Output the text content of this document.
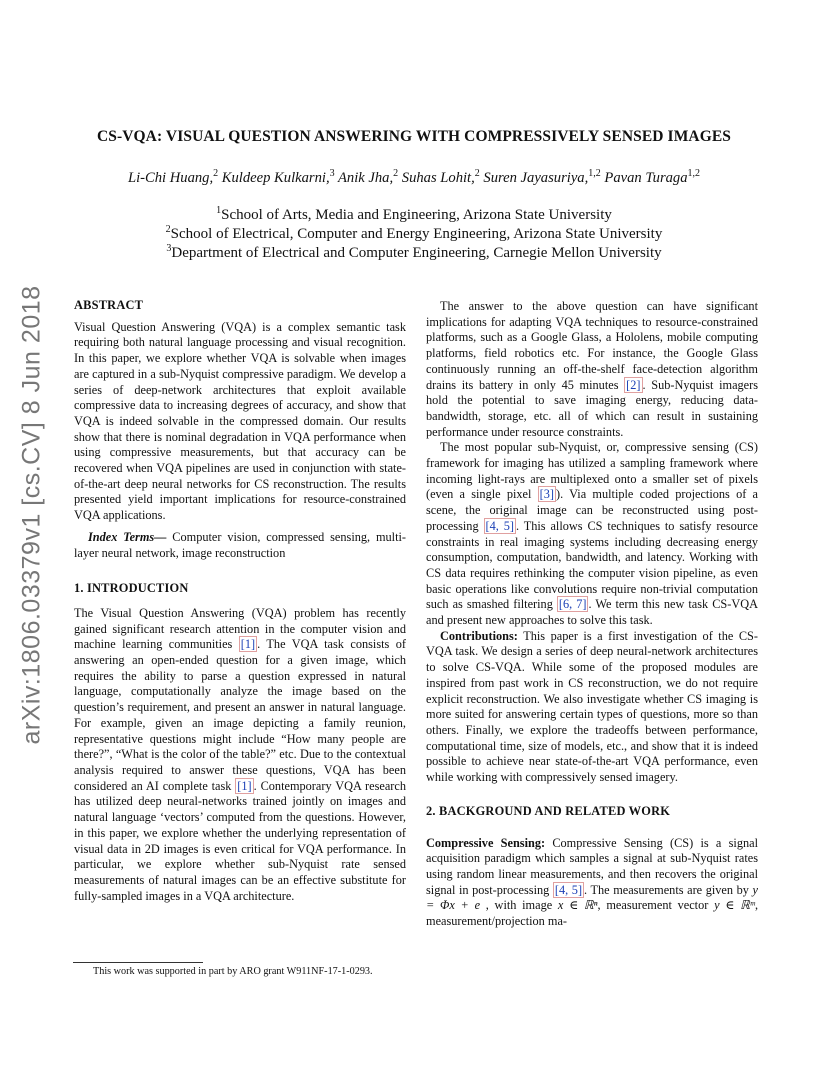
CS-VQA: VISUAL QUESTION ANSWERING WITH COMPRESSIVELY SENSED IMAGES
Li-Chi Huang,$^2$ Kuldeep Kulkarni,$^3$ Anik Jha,$^2$ Suhas Lohit,$^2$ Suren Jayasuriya,$^{1,2}$ Pavan Turaga$^{1,2}$
$^1$School of Arts, Media and Engineering, Arizona State University
$^2$School of Electrical, Computer and Energy Engineering, Arizona State University
$^3$Department of Electrical and Computer Engineering, Carnegie Mellon University
arXiv:1806.03379v1 [cs.CV] 8 Jun 2018 ABSTRACT

Visual Question Answering (VQA) is a complex semantic task requiring both natural language processing and visual recognition. In this paper, we explore whether VQA is solvable when images are captured in a sub-Nyquist compressive paradigm. We develop a series of deep-network architectures that exploit available compressive data to increasing degrees of accuracy, and show that VQA is indeed solvable in the compressed domain. Our results show that there is nominal degradation in VQA performance when using compressive measurements, but that accuracy can be recovered when VQA pipelines are used in conjunction with state-of-the-art deep neural networks for CS reconstruction. The results presented yield important implications for resource-constrained VQA applications.

Index Terms— Computer vision, compressed sensing, multi-layer neural network, image reconstruction

1. INTRODUCTION

The Visual Question Answering (VQA) problem has recently gained significant research attention in the computer vision and machine learning communities [1] . The VQA task consists of answering an open-ended question for a given image, which requires the ability to parse a question expressed in natural language, computationally analyze the image based on the question’s requirement, and present an answer in natural language. For example, given an image depicting a family reunion, representative questions might include “How many people are there?”, “What is the color of the table?” etc. Due to the contextual analysis required to answer these questions, VQA has been considered an AI complete task [1] . Contemporary VQA research has utilized deep neural-networks trained jointly on images and natural language ‘vectors’ computed from the questions. However, in this paper, we explore whether the underlying representation of visual data in 2D images is even critical for VQA performance. In particular, we explore whether sub-Nyquist rate sensed measurements of natural images can be an effective substitute for fully-sampled images in a VQA architecture.

This work was supported in part by ARO grant W911NF-17-1-0293.

The answer to the above question can have significant implications for adapting VQA techniques to resource-constrained platforms, such as a Google Glass, a Hololens, mobile computing platforms, field robotics etc. For instance, the Google Glass continuously running an off-the-shelf face-detection algorithm drains its battery in only 45 minutes [2] . Sub-Nyquist imagers hold the potential to save imaging energy, reducing data-bandwidth, storage, etc. all of which can result in sustaining performance under resource constraints.

The most popular sub-Nyquist, or, compressive sensing (CS) framework for imaging has utilized a sampling framework where incoming light-rays are multiplexed onto a smaller set of pixels (even a single pixel [3] ). Via multiple coded projections of a scene, the original image can be reconstructed using post-processing [4, 5] . This allows CS techniques to satisfy resource constraints in real imaging systems including decreasing energy consumption, computation, bandwidth, and latency. Working with CS data requires rethinking the computer vision pipeline, as even basic operations like convolutions require non-trivial computation such as smashed filtering [6, 7] . We term this new task CS-VQA and present new approaches to solve this task.

Contributions: This paper is a first investigation of the CS-VQA task. We design a series of deep neural-network architectures to solve CS-VQA. While some of the proposed modules are inspired from past work in CS reconstruction, we do not require explicit reconstruction. We also investigate whether CS imaging is more suited for answering certain types of questions, more so than others. Finally, we explore the tradeoffs between performance, computational time, size of models, etc., and show that it is indeed possible to achieve near state-of-the-art VQA performance, even while working with compressively sensed imagery.

2. BACKGROUND AND RELATED WORK

Compressive Sensing: Compressive Sensing (CS) is a signal acquisition paradigm which samples a signal at sub-Nyquist rates using random linear measurements, and then recovers the original signal in post-processing [4, 5] . The measurements are given by y = Φx + e , with image x ∈ ℝⁿ, measurement vector y ∈ ℝᵐ, measurement/projection ma-
